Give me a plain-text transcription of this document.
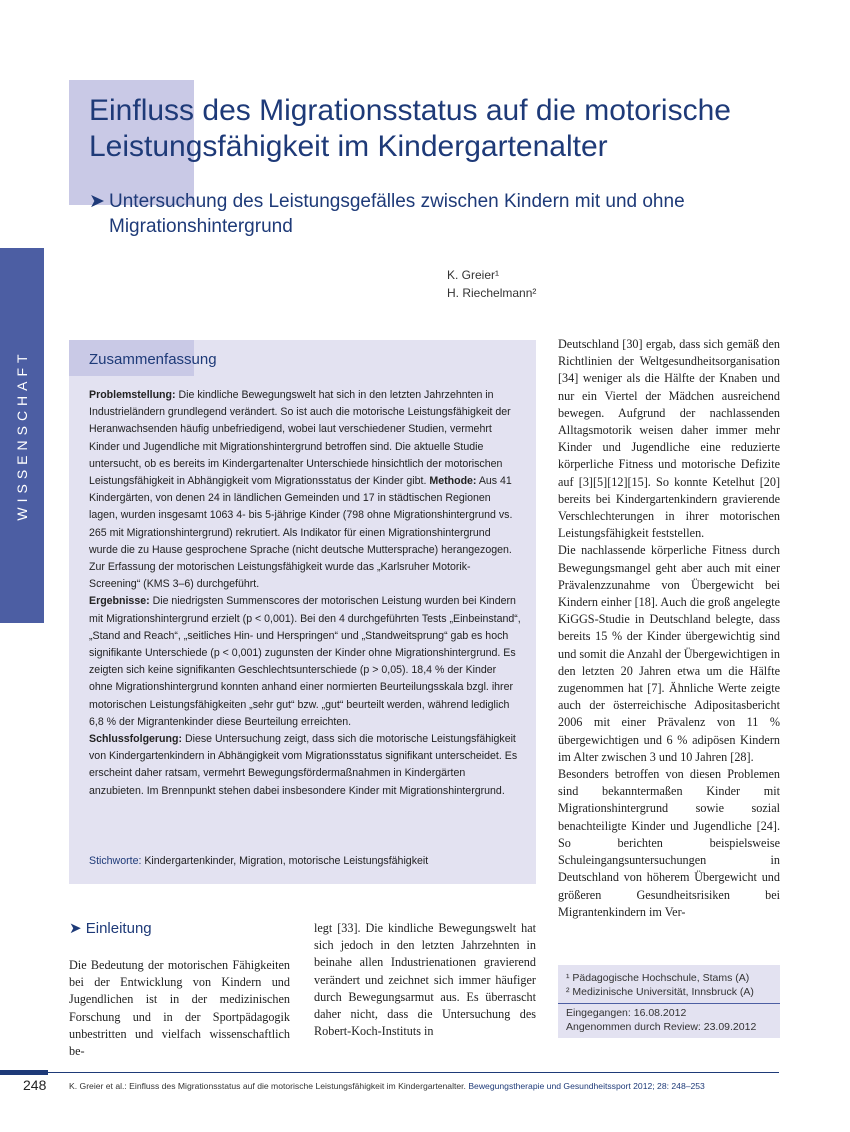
Einfluss des Migrationsstatus auf die motorische Leistungsfähigkeit im Kindergartenalter
➤ Untersuchung des Leistungsgefälles zwischen Kindern mit und ohne Migrationshintergrund
K. Greier¹
H. Riechelmann²
WISSENSCHAFT	Zusammenfassung

Problemstellung: Die kindliche Bewegungswelt hat sich in den letzten Jahrzehnten in Industrieländern grundlegend verändert. So ist auch die motorische Leistungsfähigkeit der Heranwachsenden häufig unbefriedigend, wobei laut verschiedener Studien, vermehrt Kinder und Jugendliche mit Migrationshintergrund betroffen sind. Die aktuelle Studie untersucht, ob es bereits im Kindergartenalter Unterschiede hinsichtlich der motorischen Leistungsfähigkeit in Abhängigkeit vom Migrationsstatus der Kinder gibt. Methode: Aus 41 Kindergärten, von denen 24 in ländlichen Gemeinden und 17 in städtischen Regionen lagen, wurden insgesamt 1063 4- bis 5-jährige Kinder (798 ohne Migrationshintergrund vs. 265 mit Migrationshintergrund) rekrutiert. Als Indikator für einen Migrationshintergrund wurde die zu Hause gesprochene Sprache (nicht deutsche Muttersprache) herangezogen. Zur Erfassung der motorischen Leistungsfähigkeit wurde das „Karlsruher Motorik-Screening“ (KMS 3–6) durchgeführt.

Ergebnisse: Die niedrigsten Summenscores der motorischen Leistung wurden bei Kindern mit Migrationshintergrund erzielt (p < 0,001). Bei den 4 durchgeführten Tests „Einbeinstand“, „Stand and Reach“, „seitliches Hin- und Herspringen“ und „Standweitsprung“ gab es hoch signifikante Unterschiede (p < 0,001) zugunsten der Kinder ohne Migrationshintergrund. Es zeigten sich keine signifikanten Geschlechtsunterschiede (p > 0,05). 18,4 % der Kinder ohne Migrationshintergrund konnten anhand einer normierten Beurteilungsskala bzgl. ihrer motorischen Leistungsfähigkeiten „sehr gut“ bzw. „gut“ beurteilt werden, während lediglich 6,8 % der Migrantenkinder diese Beurteilung erreichten.

Schlussfolgerung: Diese Untersuchung zeigt, dass sich die motorische Leistungsfähigkeit von Kindergartenkindern in Abhängigkeit vom Migrationsstatus signifikant unterscheidet. Es erscheint daher ratsam, vermehrt Bewegungsfördermaßnahmen in Kindergärten anzubieten. Im Brennpunkt stehen dabei insbesondere Kinder mit Migrationshintergrund.

Stichworte: Kindergartenkinder, Migration, motorische Leistungsfähigkeit

Deutschland [30] ergab, dass sich gemäß den Richtlinien der Weltgesundheitsorganisation [34] weniger als die Hälfte der Knaben und nur ein Viertel der Mädchen ausreichend bewegen. Aufgrund der nachlassenden Alltagsmotorik weisen daher immer mehr Kinder und Jugendliche eine reduzierte körperliche Fitness und motorische Defizite auf [3][5][12][15]. So konnte Ketelhut [20] bereits bei Kindergartenkindern gravierende Verschlechterungen in ihrer motorischen Leistungsfähigkeit feststellen.

Die nachlassende körperliche Fitness durch Bewegungsmangel geht aber auch mit einer Prävalenzzunahme von Übergewicht bei Kindern einher [18]. Auch die groß angelegte KiGGS-Studie in Deutschland belegte, dass bereits 15 % der Kinder übergewichtig sind und somit die Anzahl der Übergewichtigen in den letzten 20 Jahren etwa um die Hälfte zugenommen hat [7]. Ähnliche Werte zeigte auch der österreichische Adipositasbericht 2006 mit einer Prävalenz von 11 % übergewichtigen und 6 % adipösen Kindern im Alter zwischen 3 und 10 Jahren [28].

Besonders betroffen von diesen Problemen sind bekanntermaßen Kinder mit Migrationshintergrund sowie sozial benachteiligte Kinder und Jugendliche [24]. So berichten beispielsweise Schuleingangsuntersuchungen in Deutschland von höherem Übergewicht und größeren Gesundheitsrisiken bei Migrantenkindern im Ver-

➤ Einleitung

Die Bedeutung der motorischen Fähigkeiten bei der Entwicklung von Kindern und Jugendlichen ist in der medizinischen Forschung und in der Sportpädagogik unbestritten und vielfach wissenschaftlich be-

legt [33]. Die kindliche Bewegungswelt hat sich jedoch in den letzten Jahrzehnten in beinahe allen Industrienationen gravierend verändert und zeichnet sich immer häufiger durch Bewegungsarmut aus. Es überrascht daher nicht, dass die Untersuchung des Robert-Koch-Instituts in

¹ Pädagogische Hochschule, Stams (A)
² Medizinische Universität, Innsbruck (A)
Eingegangen: 16.08.2012
Angenommen durch Review: 23.09.2012
248	K. Greier et al.: Einfluss des Migrationsstatus auf die motorische Leistungsfähigkeit im Kindergartenalter. Bewegungstherapie und Gesundheitssport 2012; 28: 248–253
